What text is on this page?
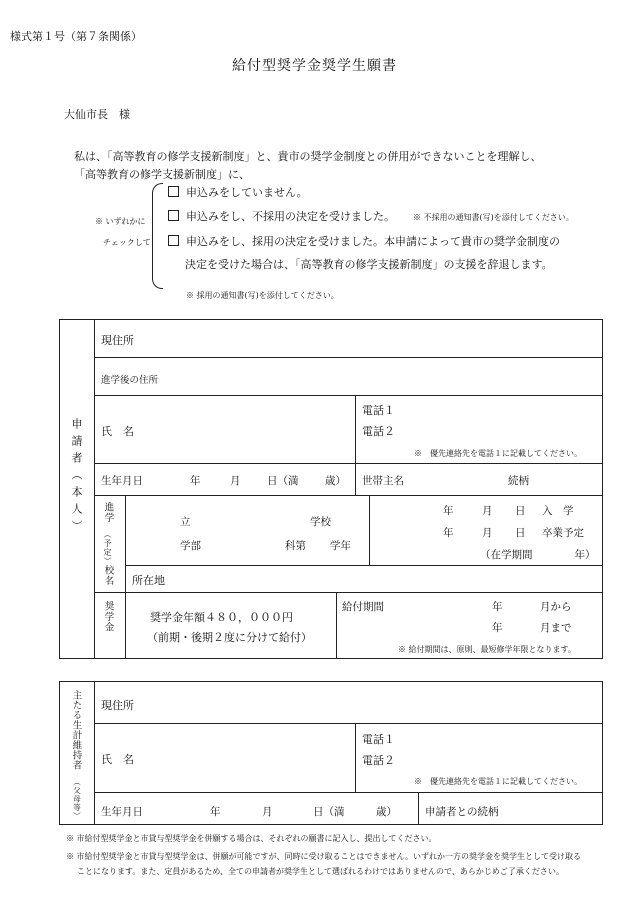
様式第１号（第７条関係）
給付型奨学金奨学生願書
大仙市長　様
私は、「高等教育の修学支援新制度」と、貴市の奨学金制度との併用ができないことを理解し、
「高等教育の修学支援新制度」に、
※ いずれかに
チェックして
申込みをしていません。
申込みをし、不採用の決定を受けました。 ※ 不採用の通知書(写)を添付してください。
申込みをし、採用の決定を受けました。本申請によって貴市の奨学金制度の
決定を受けた場合は、「高等教育の修学支援新制度」の支援を辞退します。
※ 採用の通知書(写)を添付してください。
申請者（本人）
現住所
進学後の住所
氏　名
電話１
電話２
※　優先連絡先を電話１に記載してください。
生年月日	年	月	日（満	歳） 世帯主名	続柄
進学
（予定）
校名
立	学校
学部	科第 学年
年	月 日 入　学
年	月 日 卒業予定
（在学期間　　　　年）
所在地
奨学金	奨学金年額４８０，０００円
（前期・後期２度に分けて給付）
給付期間	年	月から
年	月まで
※ 給付期間は、原則、最短修学年限となります。
主たる生計維持者
（父母等）
現住所
氏　名
電話１
電話２
※　優先連絡先を電話１に記載してください。
生年月日	年	月	日（満	歳）	申請者との続柄
※ 市給付型奨学金と市貸与型奨学金を併願する場合は、それぞれの願書に記入し、提出してください。
※ 市給付型奨学金と市貸与型奨学金は、併願が可能ですが、同時に受け取ることはできません。いずれか一方の奨学金を奨学生として受け取る
ことになります。また、定員があるため、全ての申請者が奨学生として選ばれるわけではありませんので、あらかじめご了承ください。
